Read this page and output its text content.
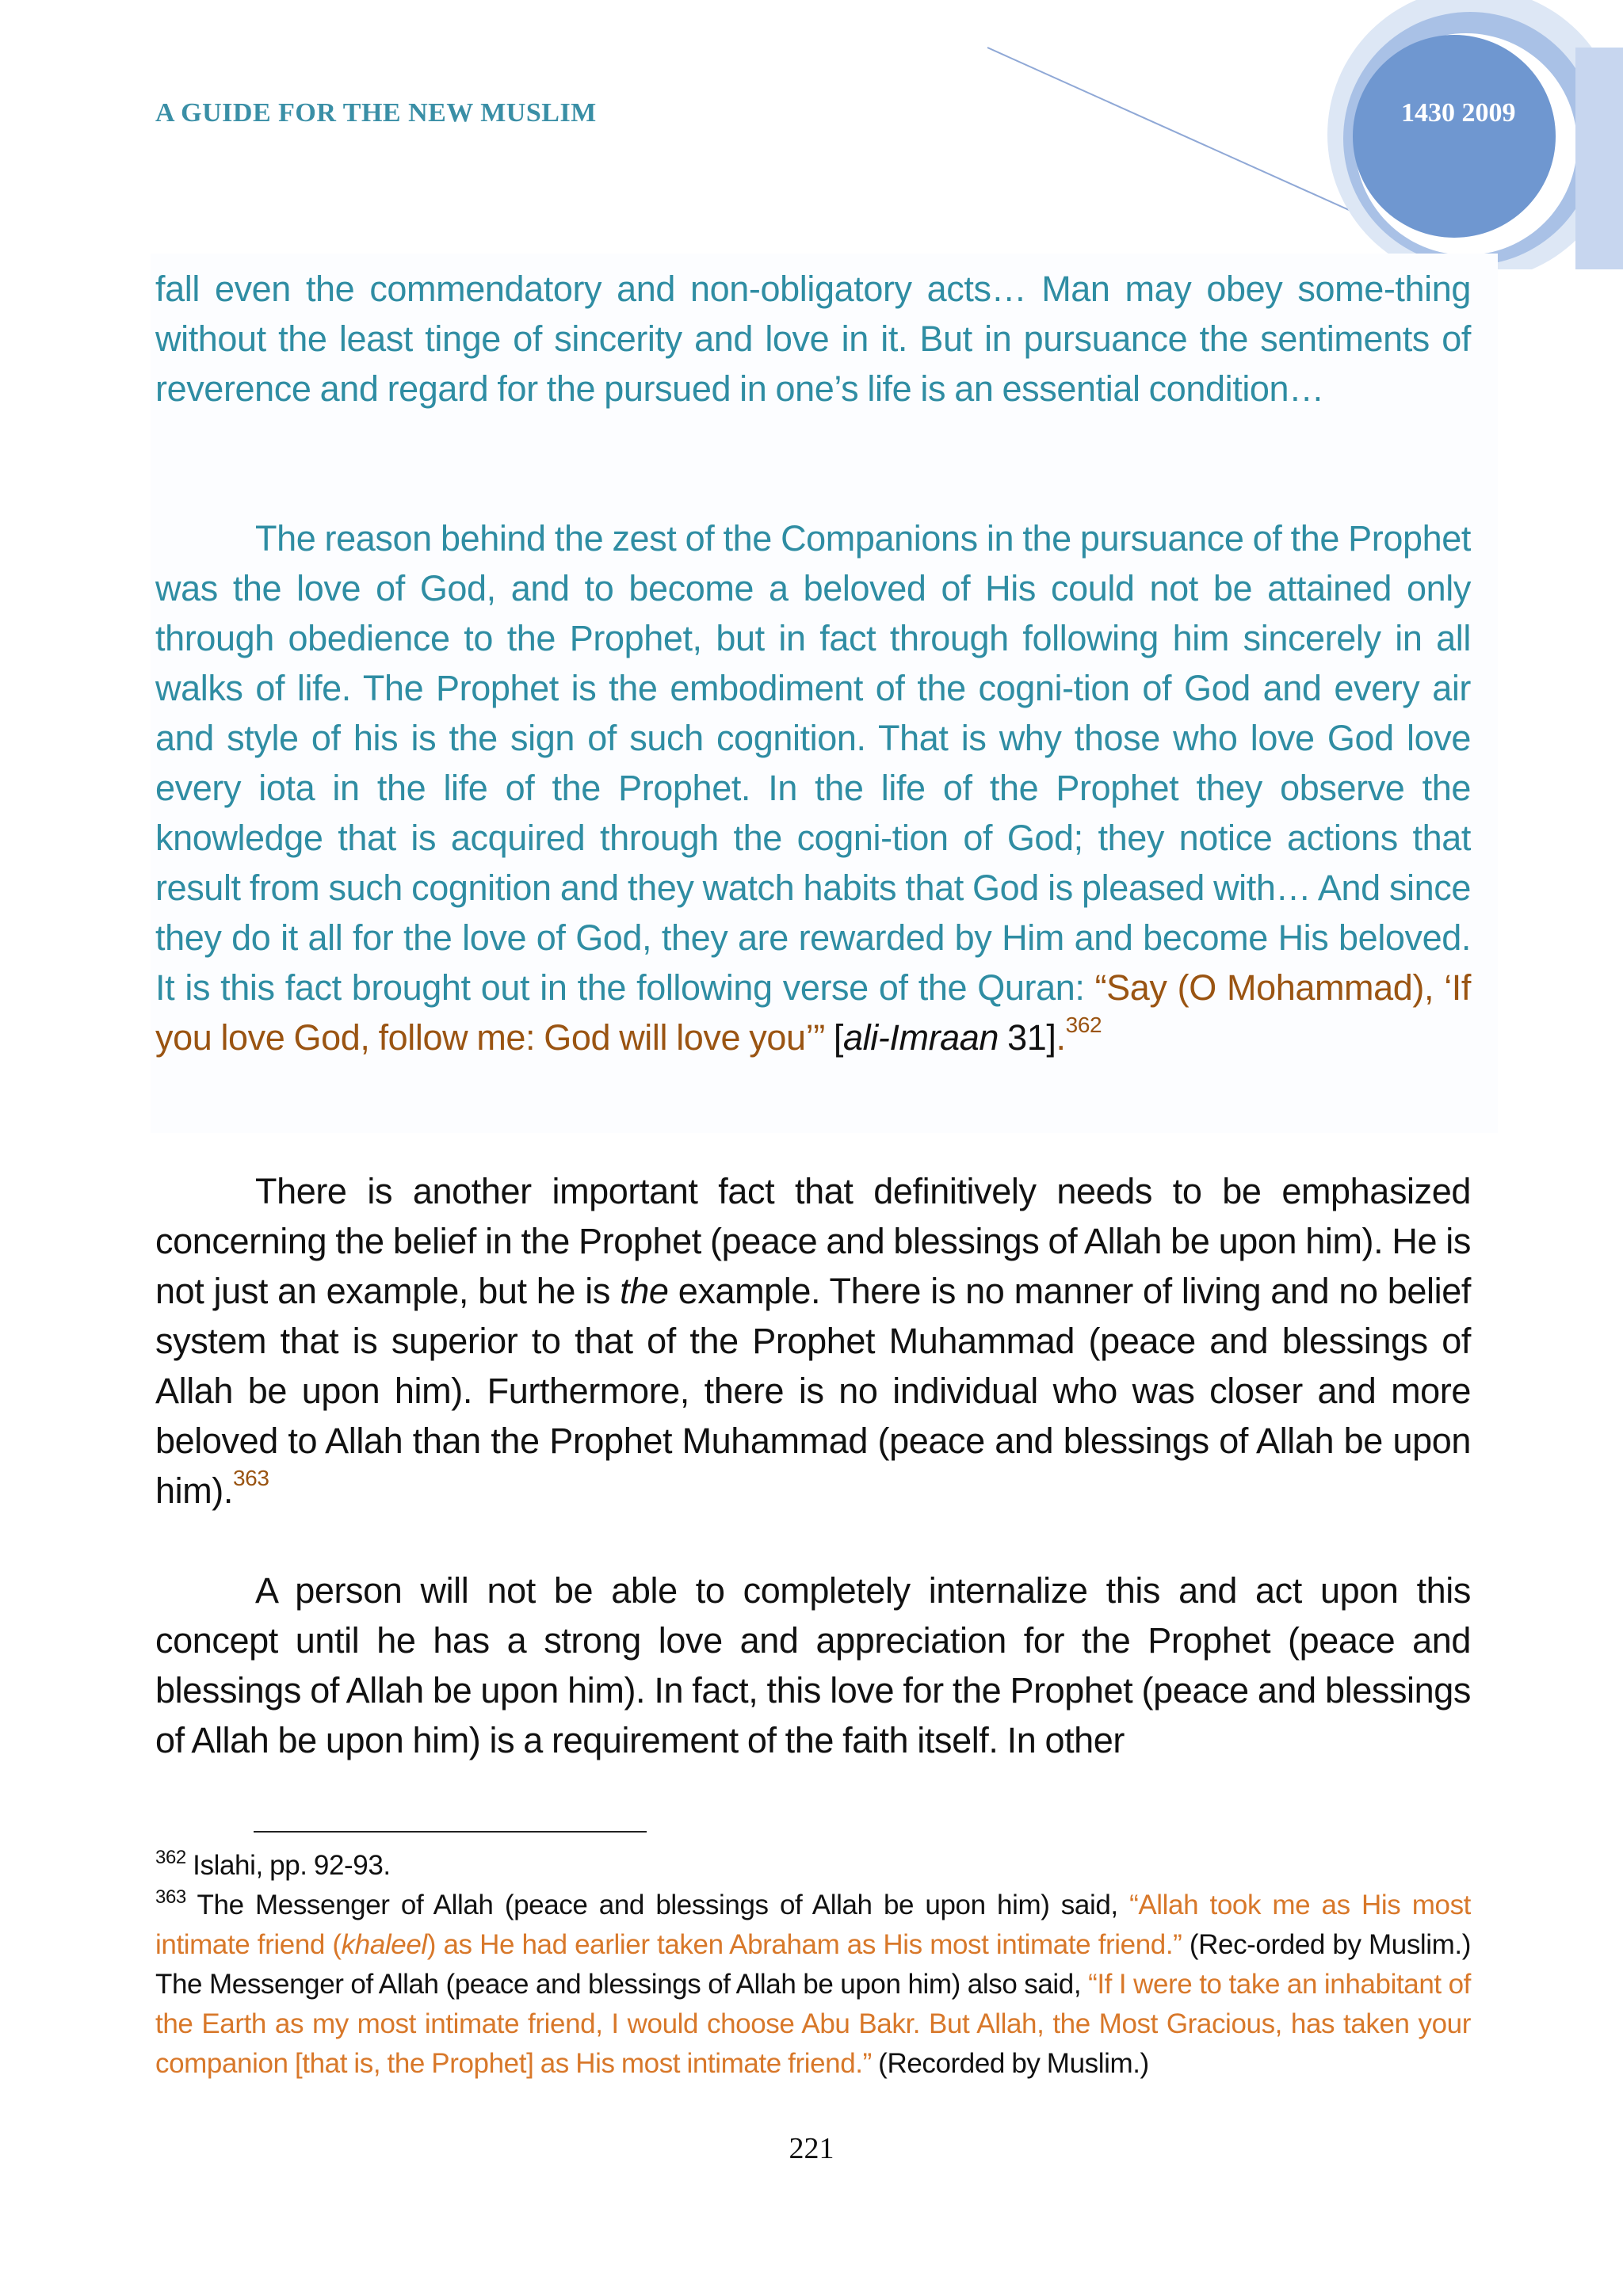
A GUIDE FOR THE NEW MUSLIM	1430 2009

fall even the commendatory and non-obligatory acts… Man may obey some-thing without the least tinge of sincerity and love in it. But in pursuance the sentiments of reverence and regard for the pursued in one’s life is an essential condition…

The reason behind the zest of the Companions in the pursuance of the Prophet was the love of God, and to become a beloved of His could not be attained only through obedience to the Prophet, but in fact through following him sincerely in all walks of life. The Prophet is the embodiment of the cogni-tion of God and every air and style of his is the sign of such cognition. That is why those who love God love every iota in the life of the Prophet. In the life of the Prophet they observe the knowledge that is acquired through the cogni-tion of God; they notice actions that result from such cognition and they watch habits that God is pleased with… And since they do it all for the love of God, they are rewarded by Him and become His beloved. It is this fact brought out in the following verse of the Quran: “Say (O Mohammad), ‘If you love God, follow me: God will love you’” [ali-Imraan 31].$^{362}$

There is another important fact that definitively needs to be emphasized concerning the belief in the Prophet (peace and blessings of Allah be upon him). He is not just an example, but he is the example. There is no manner of living and no belief system that is superior to that of the Prophet Muhammad (peace and blessings of Allah be upon him). Furthermore, there is no individual who was closer and more beloved to Allah than the Prophet Muhammad (peace and blessings of Allah be upon him).$^{363}$

A person will not be able to completely internalize this and act upon this concept until he has a strong love and appreciation for the Prophet (peace and blessings of Allah be upon him). In fact, this love for the Prophet (peace and blessings of Allah be upon him) is a requirement of the faith itself. In other

$^{362}$ Islahi, pp. 92-93.

$^{363}$ The Messenger of Allah (peace and blessings of Allah be upon him) said, “Allah took me as His most intimate friend (khaleel) as He had earlier taken Abraham as His most intimate friend.” (Rec-orded by Muslim.) The Messenger of Allah (peace and blessings of Allah be upon him) also said, “If I were to take an inhabitant of the Earth as my most intimate friend, I would choose Abu Bakr. But Allah, the Most Gracious, has taken your companion [that is, the Prophet] as His most intimate friend.” (Recorded by Muslim.)

221
